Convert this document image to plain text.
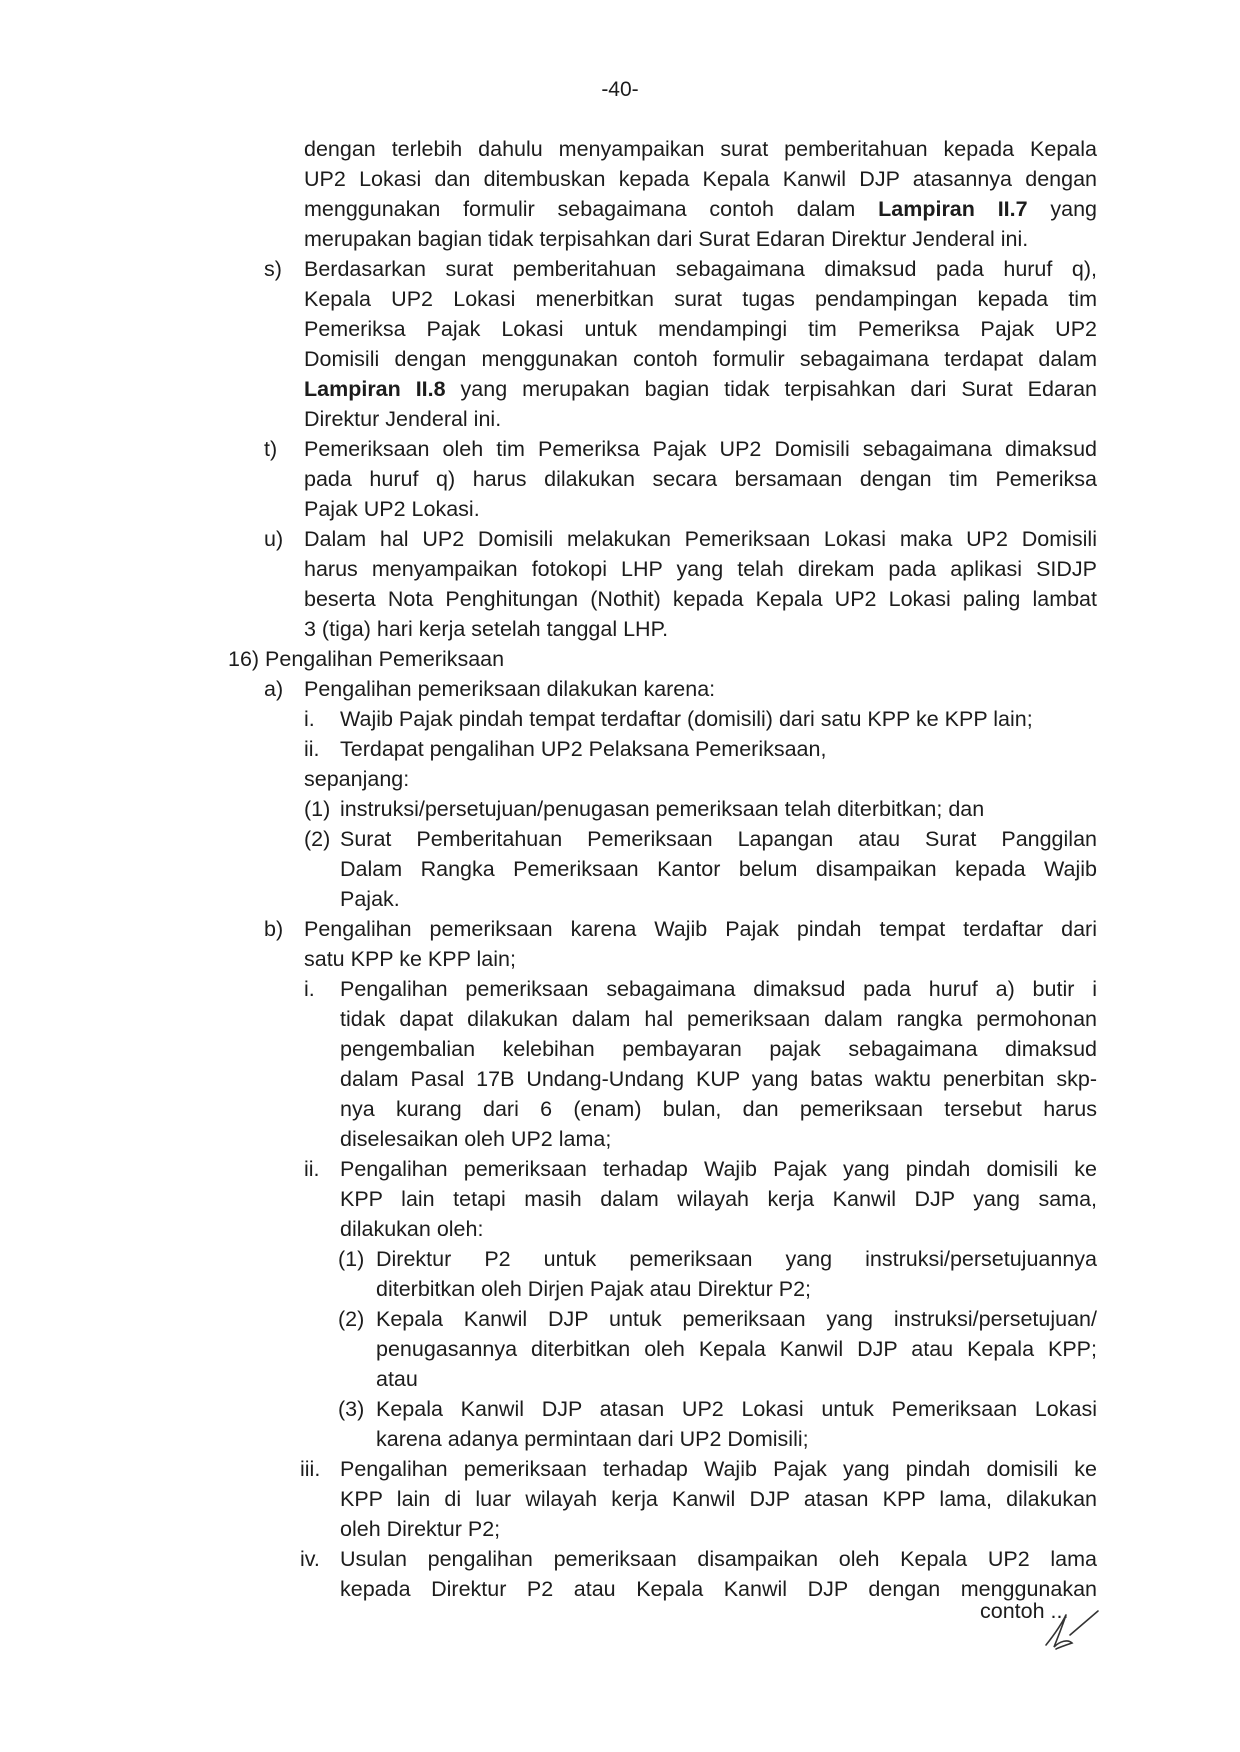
-40-
dengan terlebih dahulu menyampaikan surat pemberitahuan kepada Kepala
UP2 Lokasi dan ditembuskan kepada Kepala Kanwil DJP atasannya dengan
menggunakan formulir sebagaimana contoh dalam Lampiran II.7 yang
merupakan bagian tidak terpisahkan dari Surat Edaran Direktur Jenderal ini.
s) Berdasarkan surat pemberitahuan sebagaimana dimaksud pada huruf q),
Kepala UP2 Lokasi menerbitkan surat tugas pendampingan kepada tim
Pemeriksa Pajak Lokasi untuk mendampingi tim Pemeriksa Pajak UP2
Domisili dengan menggunakan contoh formulir sebagaimana terdapat dalam
Lampiran II.8 yang merupakan bagian tidak terpisahkan dari Surat Edaran
Direktur Jenderal ini.
t) Pemeriksaan oleh tim Pemeriksa Pajak UP2 Domisili sebagaimana dimaksud
pada huruf q) harus dilakukan secara bersamaan dengan tim Pemeriksa
Pajak UP2 Lokasi.
u) Dalam hal UP2 Domisili melakukan Pemeriksaan Lokasi maka UP2 Domisili
harus menyampaikan fotokopi LHP yang telah direkam pada aplikasi SIDJP
beserta Nota Penghitungan (Nothit) kepada Kepala UP2 Lokasi paling lambat
3 (tiga) hari kerja setelah tanggal LHP.
16) Pengalihan Pemeriksaan
a) Pengalihan pemeriksaan dilakukan karena:
i. Wajib Pajak pindah tempat terdaftar (domisili) dari satu KPP ke KPP lain;
ii. Terdapat pengalihan UP2 Pelaksana Pemeriksaan,
sepanjang:
(1) instruksi/persetujuan/penugasan pemeriksaan telah diterbitkan; dan
(2) Surat Pemberitahuan Pemeriksaan Lapangan atau Surat Panggilan
Dalam Rangka Pemeriksaan Kantor belum disampaikan kepada Wajib
Pajak.
b) Pengalihan pemeriksaan karena Wajib Pajak pindah tempat terdaftar dari
satu KPP ke KPP lain;
i. Pengalihan pemeriksaan sebagaimana dimaksud pada huruf a) butir i
tidak dapat dilakukan dalam hal pemeriksaan dalam rangka permohonan
pengembalian kelebihan pembayaran pajak sebagaimana dimaksud
dalam Pasal 17B Undang-Undang KUP yang batas waktu penerbitan skp-
nya kurang dari 6 (enam) bulan, dan pemeriksaan tersebut harus
diselesaikan oleh UP2 lama;
ii. Pengalihan pemeriksaan terhadap Wajib Pajak yang pindah domisili ke
KPP lain tetapi masih dalam wilayah kerja Kanwil DJP yang sama,
dilakukan oleh:
(1) Direktur P2 untuk pemeriksaan yang instruksi/persetujuannya
diterbitkan oleh Dirjen Pajak atau Direktur P2;
(2) Kepala Kanwil DJP untuk pemeriksaan yang instruksi/persetujuan/
penugasannya diterbitkan oleh Kepala Kanwil DJP atau Kepala KPP;
atau
(3) Kepala Kanwil DJP atasan UP2 Lokasi untuk Pemeriksaan Lokasi
karena adanya permintaan dari UP2 Domisili;
iii. Pengalihan pemeriksaan terhadap Wajib Pajak yang pindah domisili ke
KPP lain di luar wilayah kerja Kanwil DJP atasan KPP lama, dilakukan
oleh Direktur P2;
iv. Usulan pengalihan pemeriksaan disampaikan oleh Kepala UP2 lama
kepada Direktur P2 atau Kepala Kanwil DJP dengan menggunakan
contoh ...
